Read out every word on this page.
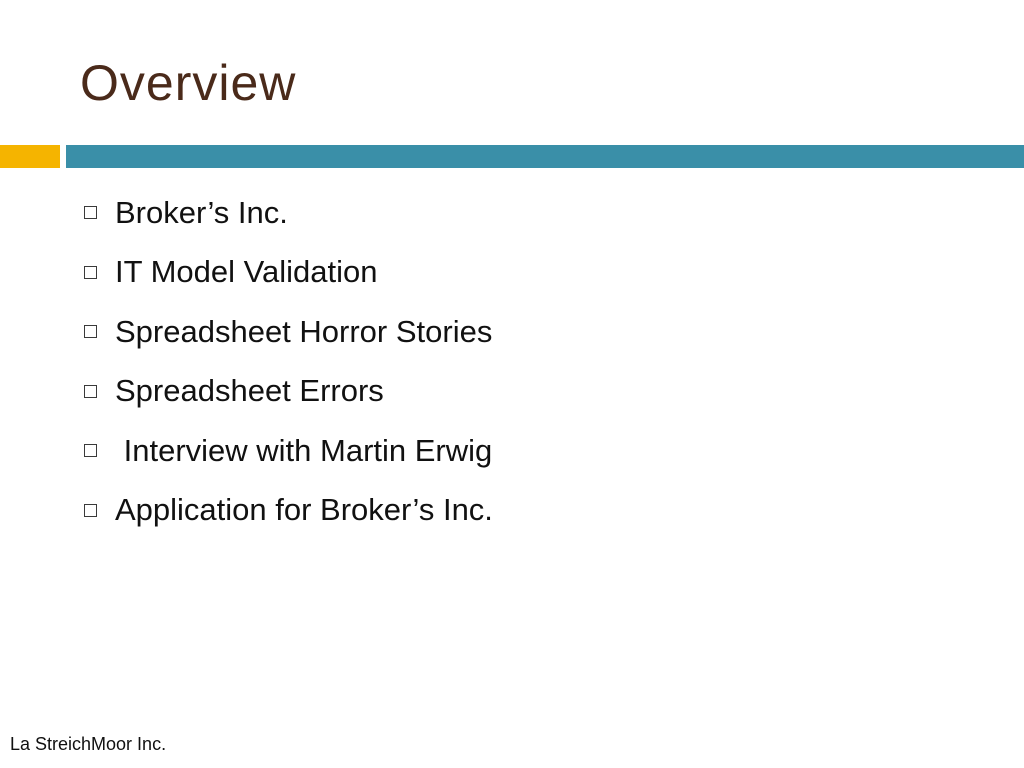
Overview
Broker’s Inc.
IT Model Validation
Spreadsheet Horror Stories
Spreadsheet Errors
Interview with Martin Erwig
Application for Broker’s Inc.
La StreichMoor Inc.
